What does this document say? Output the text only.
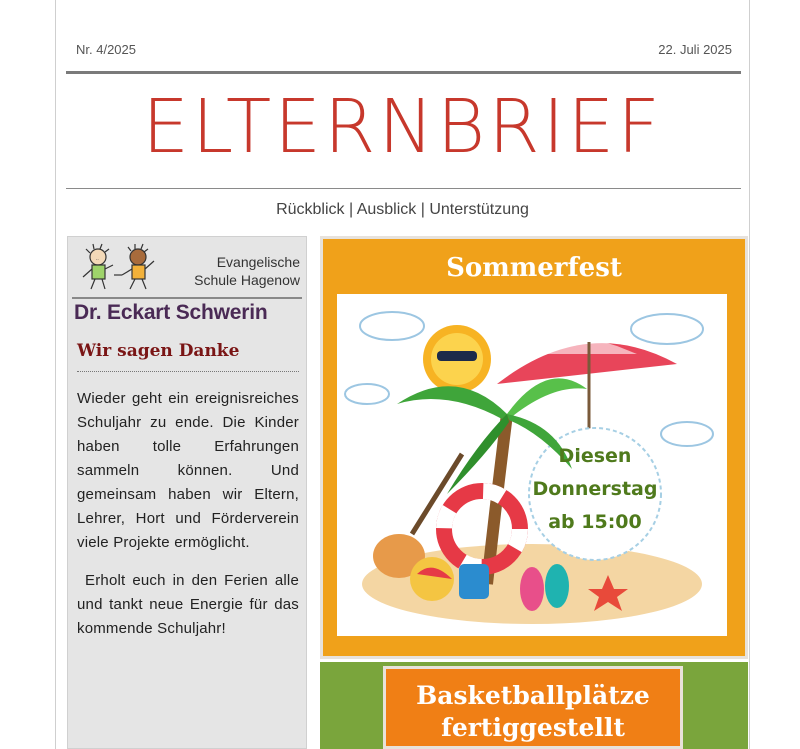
Nr. 4/2025	22. Juli 2025
ELTERNBRIEF
Rückblick | Ausblick | Unterstützung
..	Evangelische
Schule Hagenow
Dr. Eckart Schwerin
Wir sagen Danke

Wieder geht ein ereignisreiches Schuljahr zu ende. Die Kinder haben tolle Erfahrungen sammeln können. Und gemeinsam haben wir Eltern, Lehrer, Hort und Förderverein viele Projekte ermöglicht.

Erholt euch in den Ferien alle und tankt neue Energie für das kommende Schuljahr!

Sommerfest
Diesen
Donnerstag
ab 15:00
Basketballplätze
fertiggestellt
